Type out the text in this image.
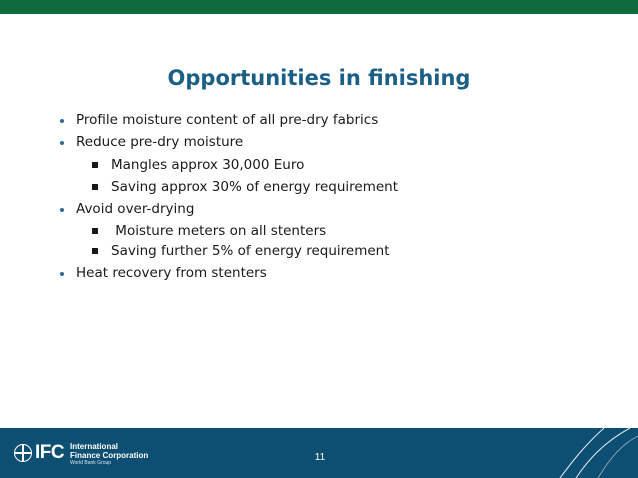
Opportunities in finishing
Profile moisture content of all pre-dry fabrics
Reduce pre-dry moisture
Mangles approx 30,000 Euro
Saving approx 30% of energy requirement
Avoid over-drying
Moisture meters on all stenters
Saving further 5% of energy requirement
Heat recovery from stenters
IFC International
Finance Corporation
World Bank Group	11
